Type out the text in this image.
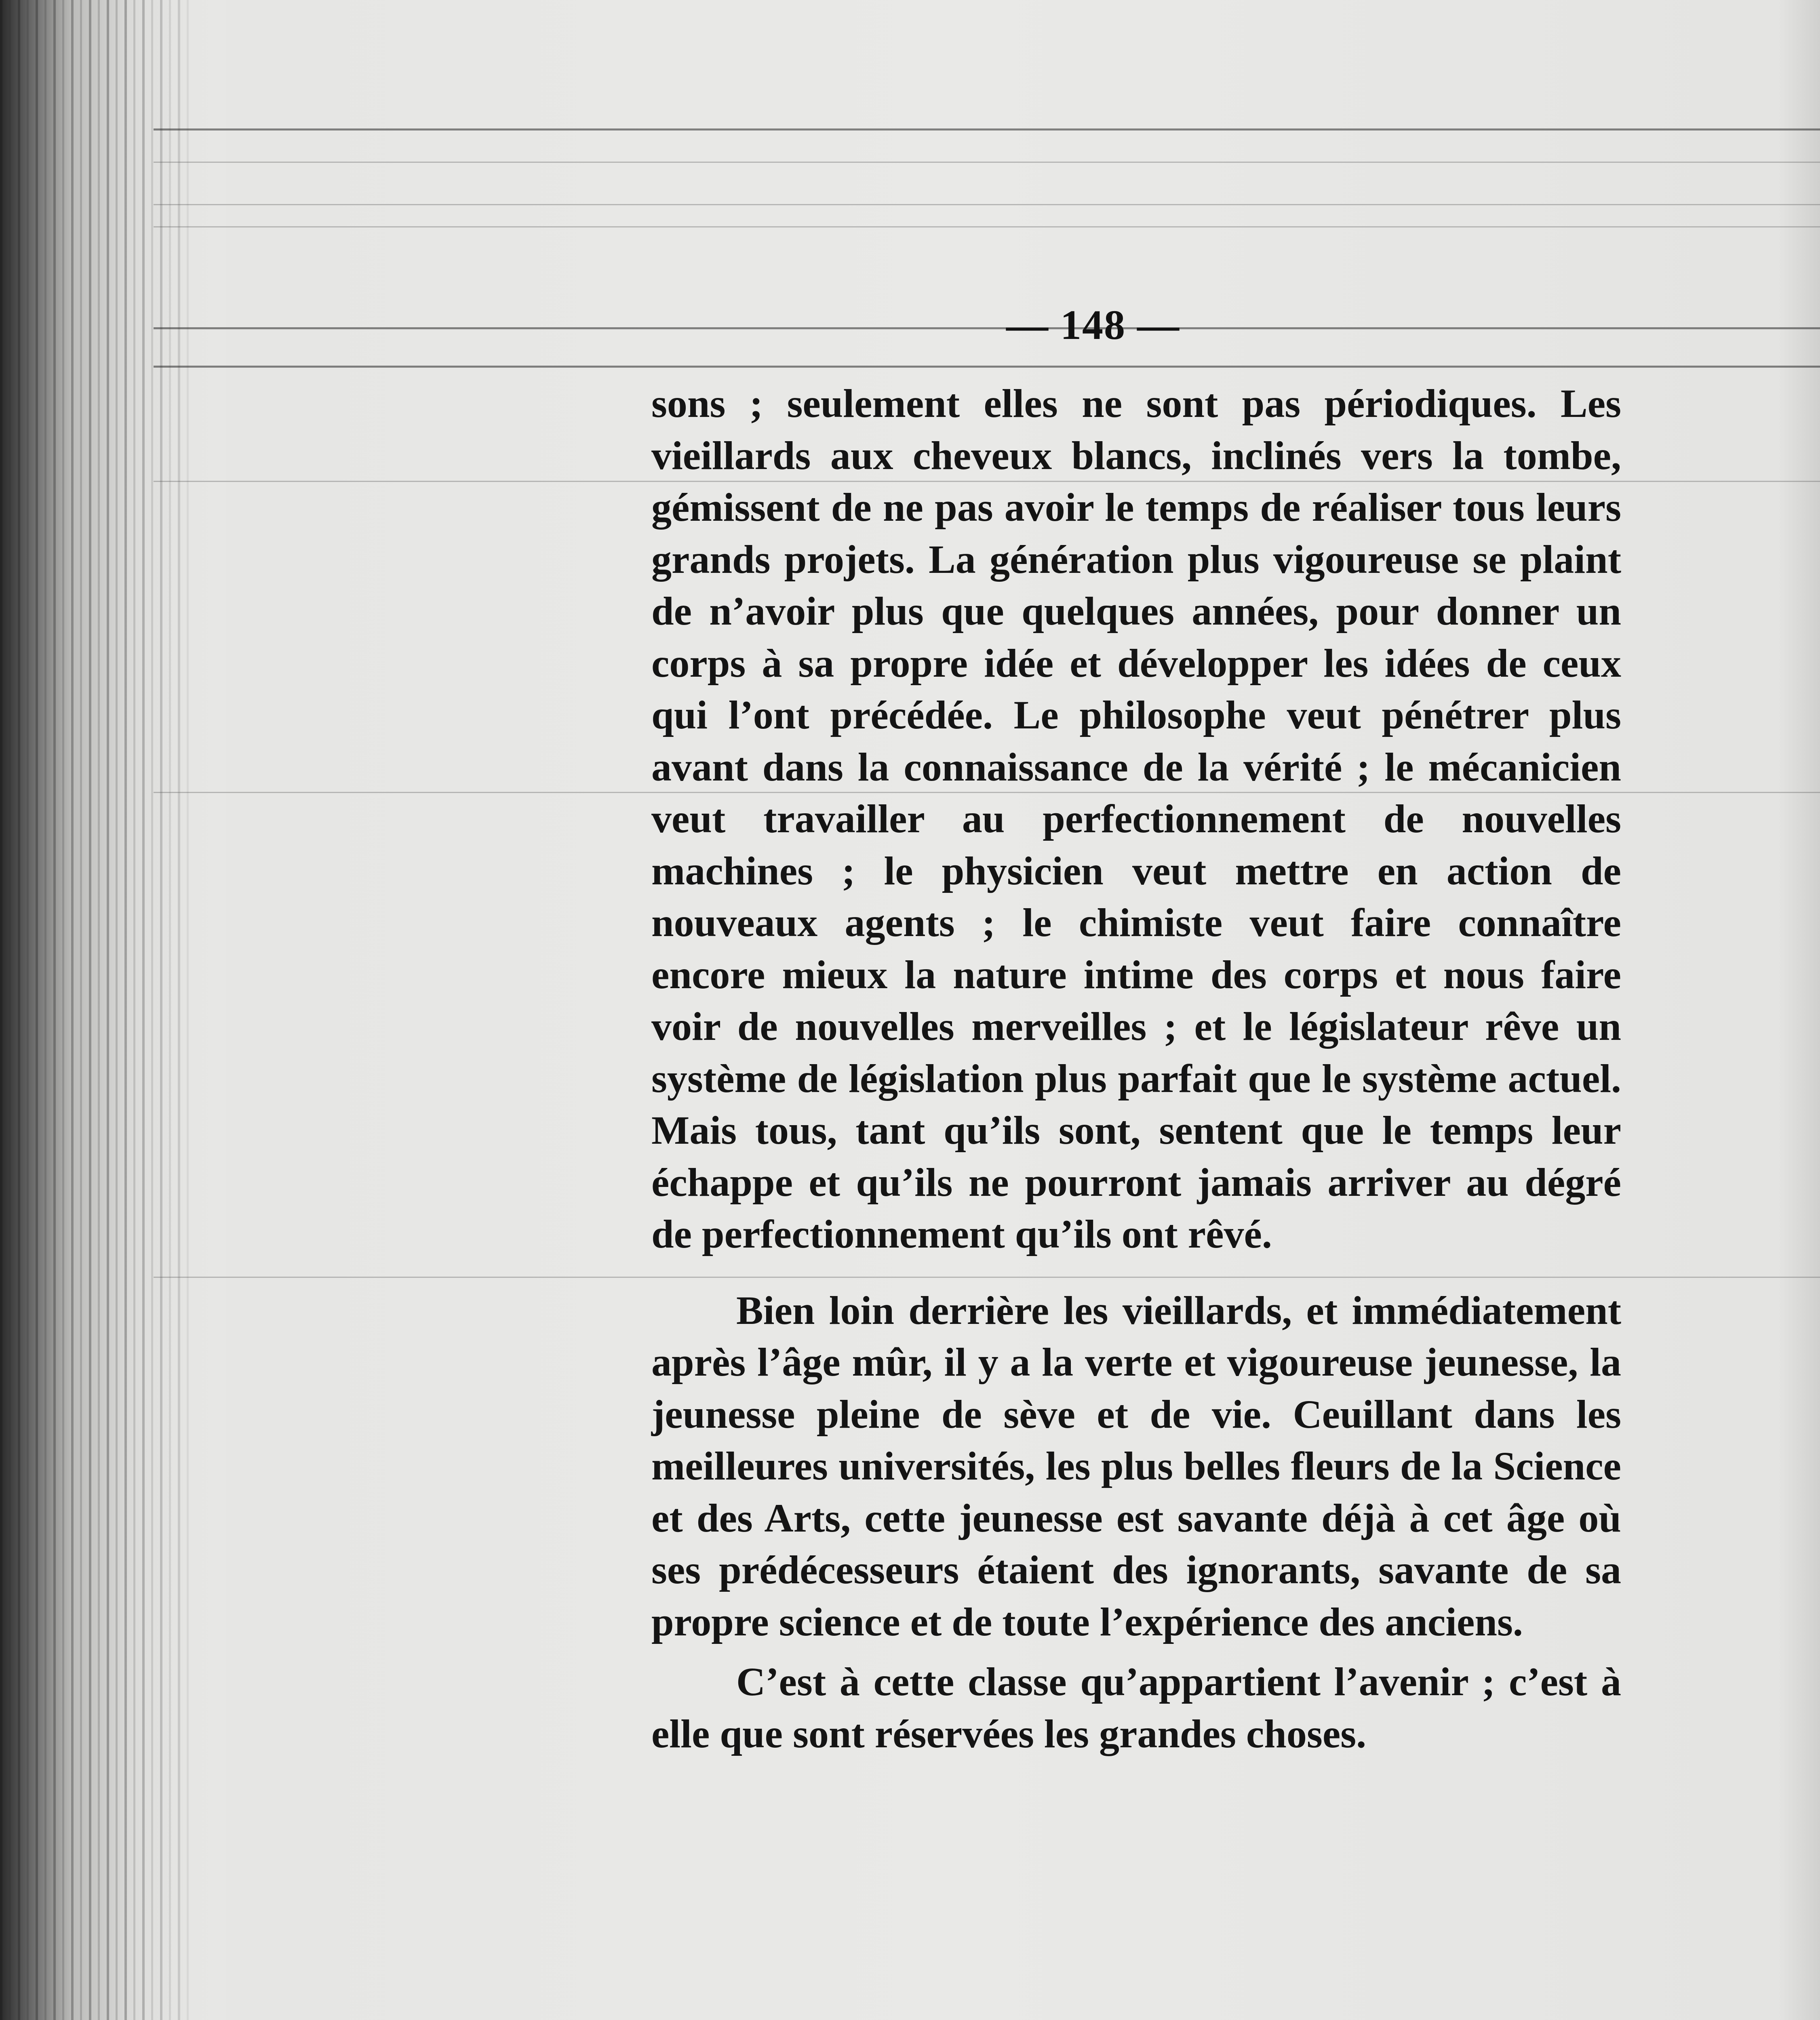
— 148 —

sons ; seulement elles ne sont pas périodiques. Les vieillards aux cheveux blancs, inclinés vers la tombe, gémissent de ne pas avoir le temps de réaliser tous leurs grands projets. La génération plus vigoureuse se plaint de n’avoir plus que quelques années, pour donner un corps à sa propre idée et développer les idées de ceux qui l’ont précédée. Le philosophe veut pénétrer plus avant dans la connaissance de la vérité ; le mécanicien veut travailler au perfectionnement de nouvelles machines ; le physicien veut mettre en action de nouveaux agents ; le chimiste veut faire connaître encore mieux la nature intime des corps et nous faire voir de nouvelles merveilles ; et le législateur rêve un système de législation plus parfait que le système actuel. Mais tous, tant qu’ils sont, sentent que le temps leur échappe et qu’ils ne pourront jamais arriver au dégré de perfectionnement qu’ils ont rêvé.

Bien loin derrière les vieillards, et immédiatement après l’âge mûr, il y a la verte et vigoureuse jeunesse, la jeunesse pleine de sève et de vie. Ceuillant dans les meilleures universités, les plus belles fleurs de la Science et des Arts, cette jeunesse est savante déjà à cet âge où ses prédécesseurs étaient des ignorants, savante de sa propre science et de toute l’expérience des anciens.

C’est à cette classe qu’appartient l’avenir ; c’est à elle que sont réservées les grandes choses.
